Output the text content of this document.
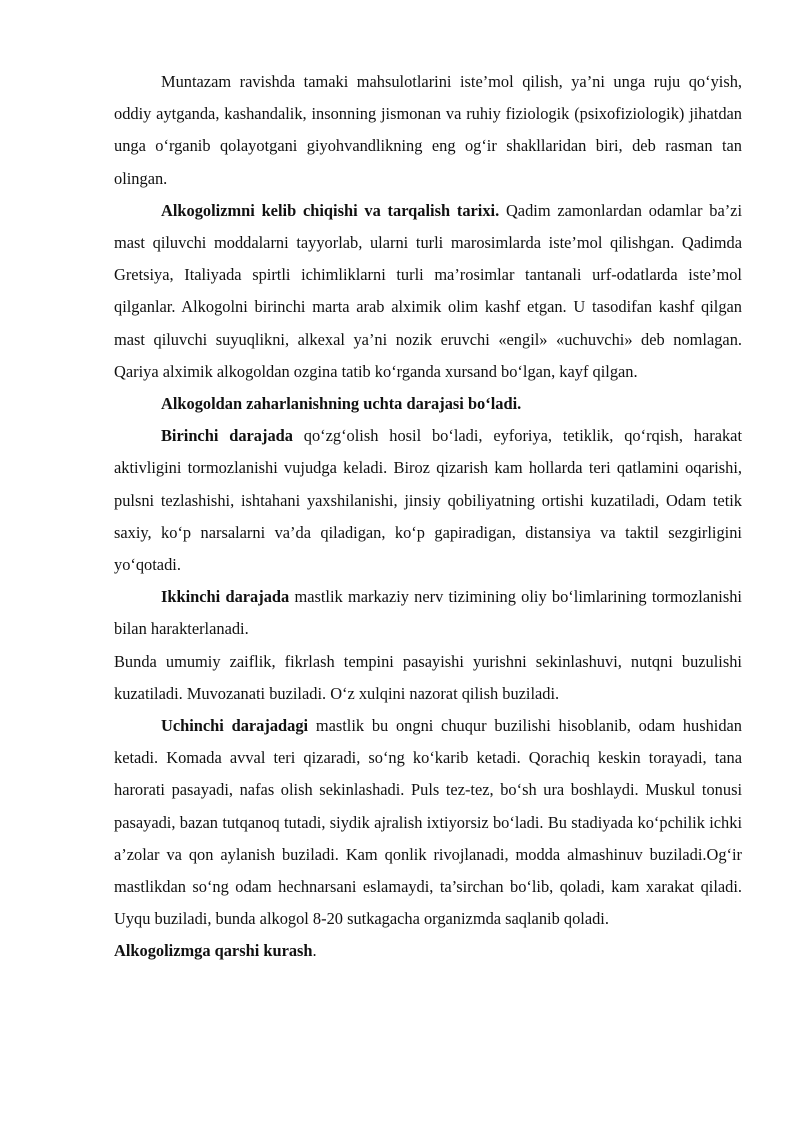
Muntazam ravishda tamaki mahsulotlarini iste’mol qilish, ya’ni unga ruju qo‘yish, oddiy aytganda, kashandalik, insonning jismonan va ruhiy fiziologik (psixofiziologik) jihatdan unga o‘rganib qolayotgani giyohvandlikning eng og‘ir shakllaridan biri, deb rasman tan olingan.

Alkogolizmni kelib chiqishi va tarqalish tarixi. Qadim zamonlardan odamlar ba’zi mast qiluvchi moddalarni tayyorlab, ularni turli marosimlarda iste’mol qilishgan. Qadimda Gretsiya, Italiyada spirtli ichimliklarni turli ma’rosimlar tantanali urf-odatlarda iste’mol qilganlar. Alkogolni birinchi marta arab alximik olim kashf etgan. U tasodifan kashf qilgan mast qiluvchi suyuqlikni, alkexal ya’ni nozik eruvchi «engil» «uchuvchi» deb nomlagan. Qariya alximik alkogoldan ozgina tatib ko‘rganda xursand bo‘lgan, kayf qilgan.

Alkogoldan zaharlanishning uchta darajasi bo‘ladi.

Birinchi darajada qo‘zg‘olish hosil bo‘ladi, eyforiya, tetiklik, qo‘rqish, harakat aktivligini tormozlanishi vujudga keladi. Biroz qizarish kam hollarda teri qatlamini oqarishi, pulsni tezlashishi, ishtahani yaxshilanishi, jinsiy qobiliyatning ortishi kuzatiladi, Odam tetik saxiy, ko‘p narsalarni va’da qiladigan, ko‘p gapiradigan, distansiya va taktil sezgirligini yo‘qotadi.

Ikkinchi darajada mastlik markaziy nerv tizimining oliy bo‘limlarining tormozlanishi bilan harakterlanadi.

Bunda umumiy zaiflik, fikrlash tempini pasayishi yurishni sekinlashuvi, nutqni buzulishi kuzatiladi. Muvozanati buziladi. O‘z xulqini nazorat qilish buziladi.

Uchinchi darajadagi mastlik bu ongni chuqur buzilishi hisoblanib, odam hushidan ketadi. Komada avval teri qizaradi, so‘ng ko‘karib ketadi. Qorachiq keskin torayadi, tana harorati pasayadi, nafas olish sekinlashadi. Puls tez-tez, bo‘sh ura boshlaydi. Muskul tonusi pasayadi, bazan tutqanoq tutadi, siydik ajralish ixtiyorsiz bo‘ladi. Bu stadiyada ko‘pchilik ichki a’zolar va qon aylanish buziladi. Kam qonlik rivojlanadi, modda almashinuv buziladi.Og‘ir mastlikdan so‘ng odam hechnarsani eslamaydi, ta’sirchan bo‘lib, qoladi, kam xarakat qiladi. Uyqu buziladi, bunda alkogol 8-20 sutkagacha organizmda saqlanib qoladi.

Alkogolizmga qarshi kurash.
